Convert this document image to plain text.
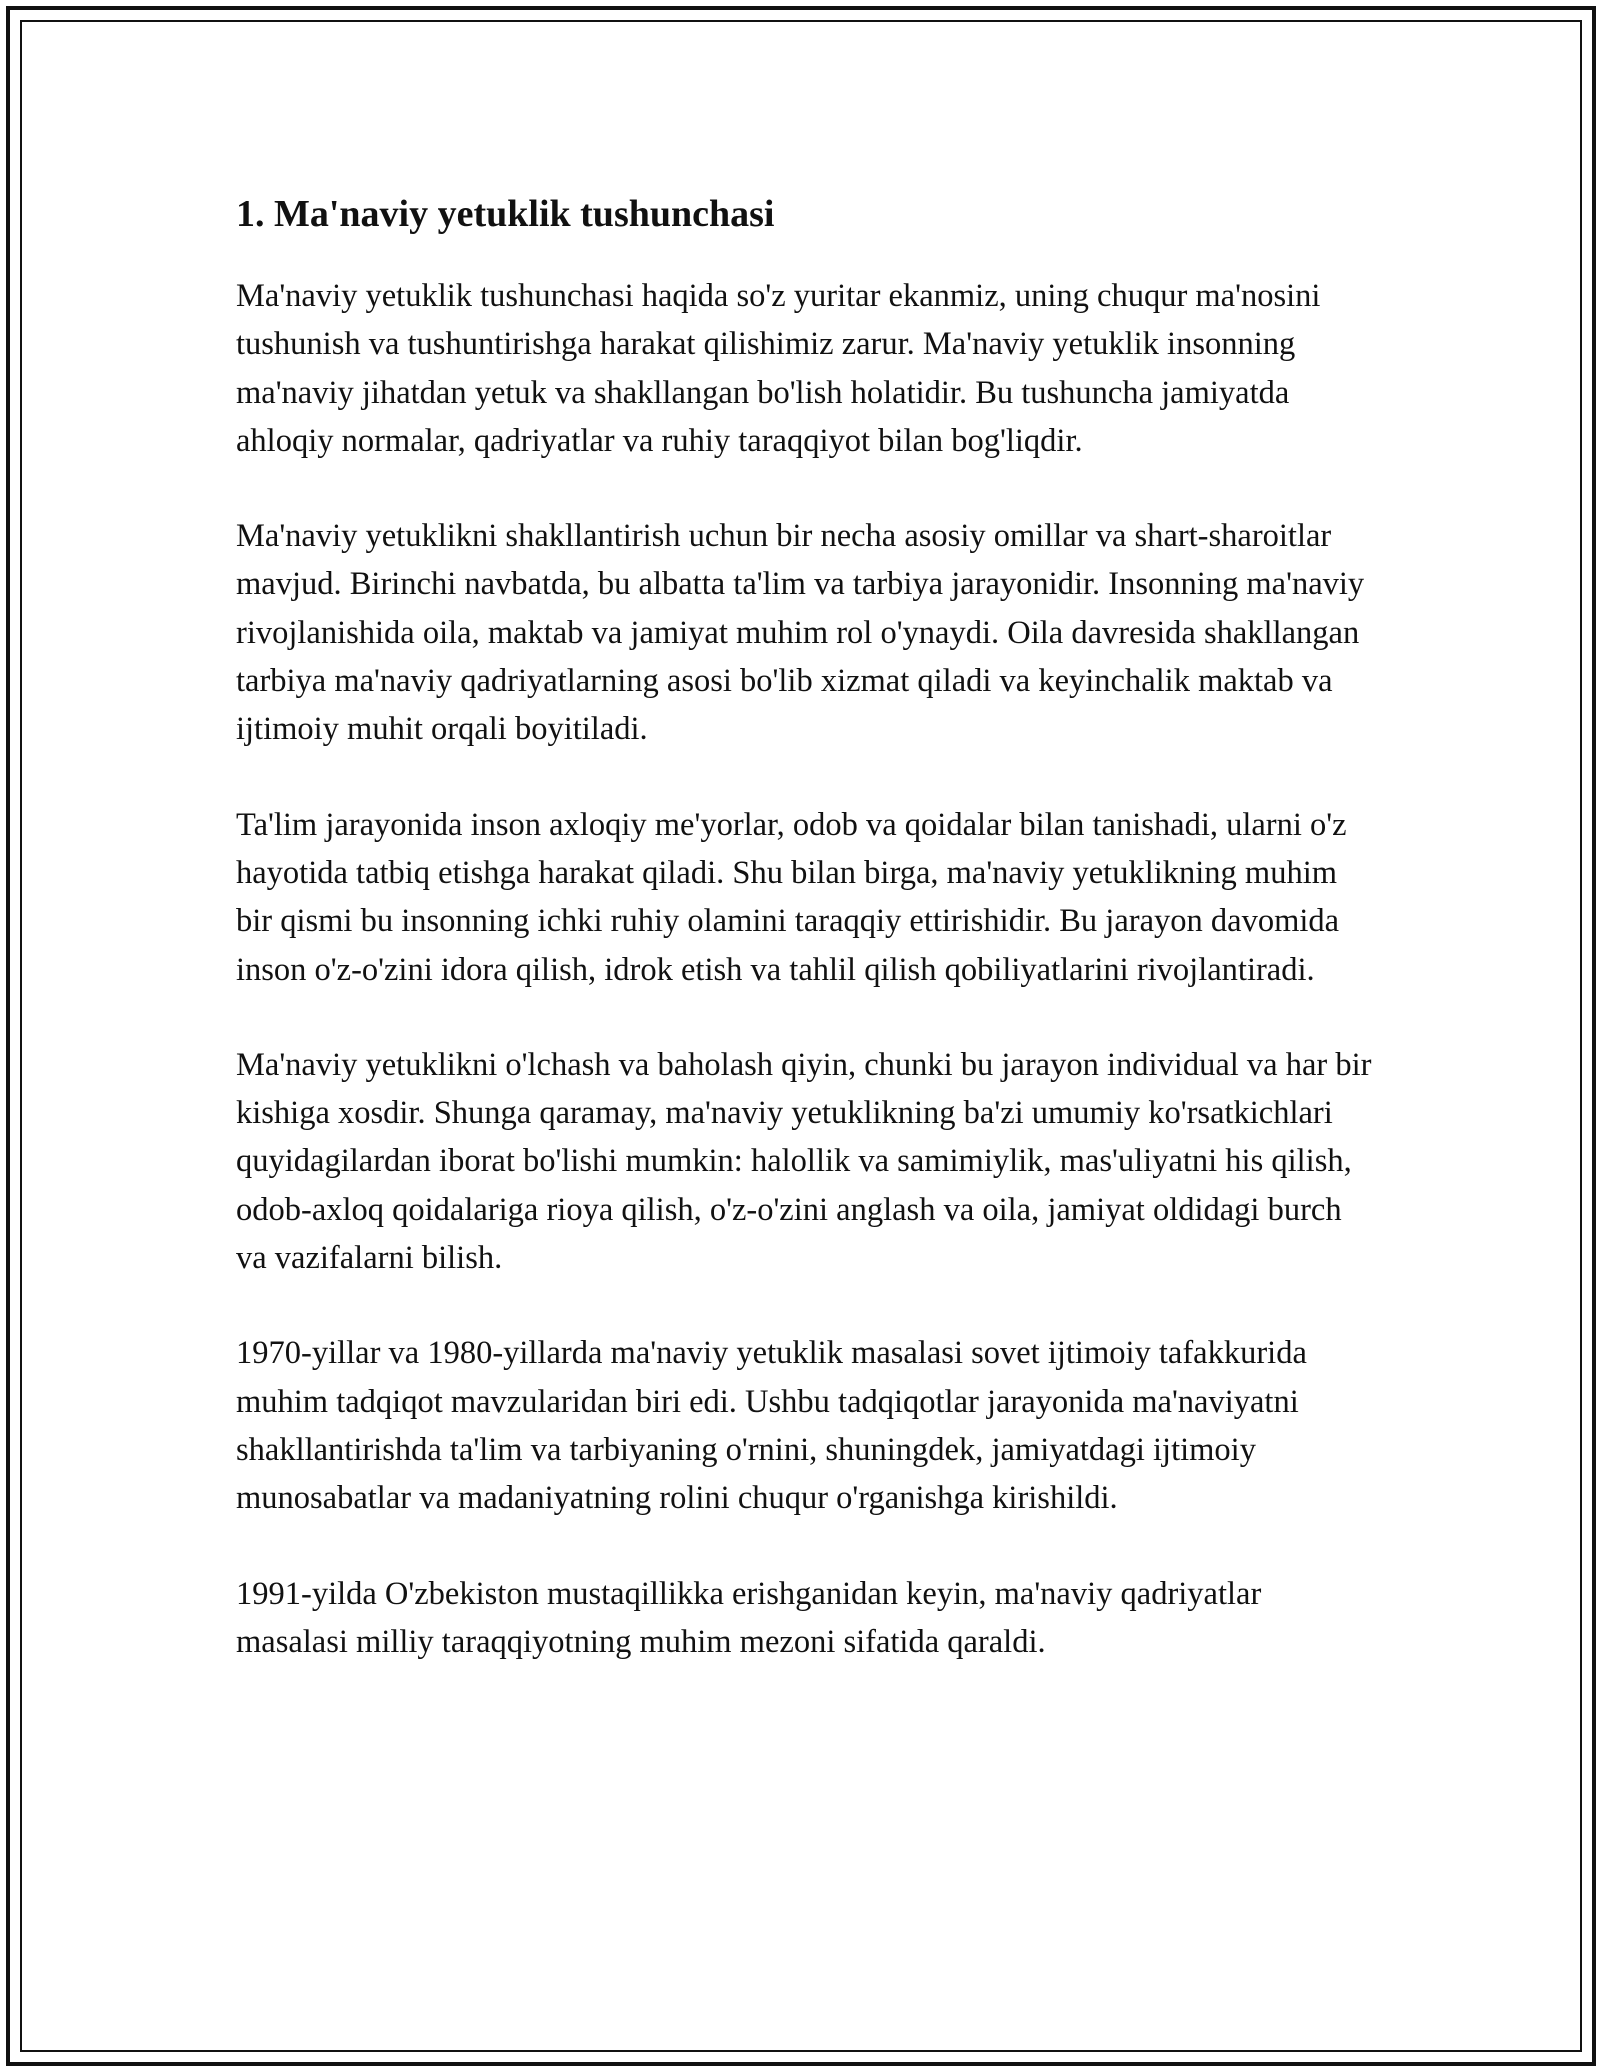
1. Ma'naviy yetuklik tushunchasi

Ma'naviy yetuklik tushunchasi haqida so'z yuritar ekanmiz, uning chuqur ma'nosini tushunish va tushuntirishga harakat qilishimiz zarur. Ma'naviy yetuklik insonning ma'naviy jihatdan yetuk va shakllangan bo'lish holatidir. Bu tushuncha jamiyatda ahloqiy normalar, qadriyatlar va ruhiy taraqqiyot bilan bog'liqdir.

Ma'naviy yetuklikni shakllantirish uchun bir necha asosiy omillar va shart-sharoitlar mavjud. Birinchi navbatda, bu albatta ta'lim va tarbiya jarayonidir. Insonning ma'naviy rivojlanishida oila, maktab va jamiyat muhim rol o'ynaydi. Oila davresida shakllangan tarbiya ma'naviy qadriyatlarning asosi bo'lib xizmat qiladi va keyinchalik maktab va ijtimoiy muhit orqali boyitiladi.

Ta'lim jarayonida inson axloqiy me'yorlar, odob va qoidalar bilan tanishadi, ularni o'z hayotida tatbiq etishga harakat qiladi. Shu bilan birga, ma'naviy yetuklikning muhim bir qismi bu insonning ichki ruhiy olamini taraqqiy ettirishidir. Bu jarayon davomida inson o'z-o'zini idora qilish, idrok etish va tahlil qilish qobiliyatlarini rivojlantiradi.

Ma'naviy yetuklikni o'lchash va baholash qiyin, chunki bu jarayon individual va har bir kishiga xosdir. Shunga qaramay, ma'naviy yetuklikning ba'zi umumiy ko'rsatkichlari quyidagilardan iborat bo'lishi mumkin: halollik va samimiylik, mas'uliyatni his qilish, odob-axloq qoidalariga rioya qilish, o'z-o'zini anglash va oila, jamiyat oldidagi burch va vazifalarni bilish.

1970-yillar va 1980-yillarda ma'naviy yetuklik masalasi sovet ijtimoiy tafakkurida muhim tadqiqot mavzularidan biri edi. Ushbu tadqiqotlar jarayonida ma'naviyatni shakllantirishda ta'lim va tarbiyaning o'rnini, shuningdek, jamiyatdagi ijtimoiy munosabatlar va madaniyatning rolini chuqur o'rganishga kirishildi.

1991-yilda O'zbekiston mustaqillikka erishganidan keyin, ma'naviy qadriyatlar masalasi milliy taraqqiyotning muhim mezoni sifatida qaraldi.
